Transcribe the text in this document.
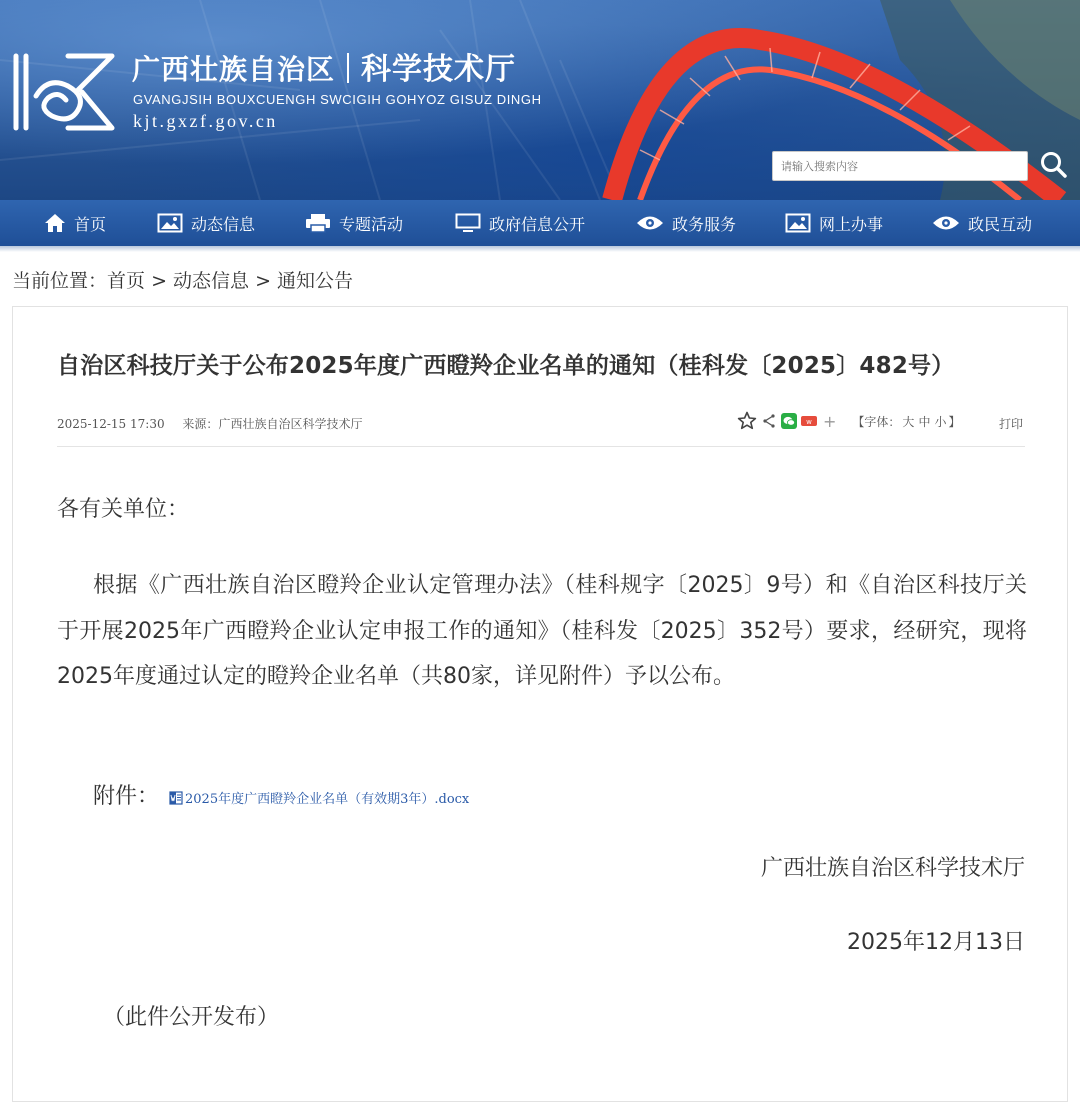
广西壮族自治区 科学技术厅
GVANGJSIH BOUXCUENGH SWCIGIH GOHYOZ GISUZ DINGH
kjt.gxzf.gov.cn
请输入搜索内容
首页	动态信息	专题活动	政府信息公开	政务服务	网上办事	政民互动
当前位置：首页 > 动态信息 > 通知公告
自治区科技厅关于公布2025年度广西瞪羚企业名单的通知（桂科发〔2025〕482号）
2025-12-15 17:30 来源：广西壮族自治区科学技术厅	w + 【字体： 大 中 小 】	打印
各有关单位：

根据《广西壮族自治区瞪羚企业认定管理办法》（桂科规字〔2025〕9号）和《自治区科技厅关于开展2025年广西瞪羚企业认定申报工作的通知》（桂科发〔2025〕352号）要求，经研究，现将2025年度通过认定的瞪羚企业名单（共80家，详见附件）予以公布。

附件： 2025年度广西瞪羚企业名单（有效期3年）.docx
广西壮族自治区科学技术厅
2025年12月13日
（此件公开发布）
